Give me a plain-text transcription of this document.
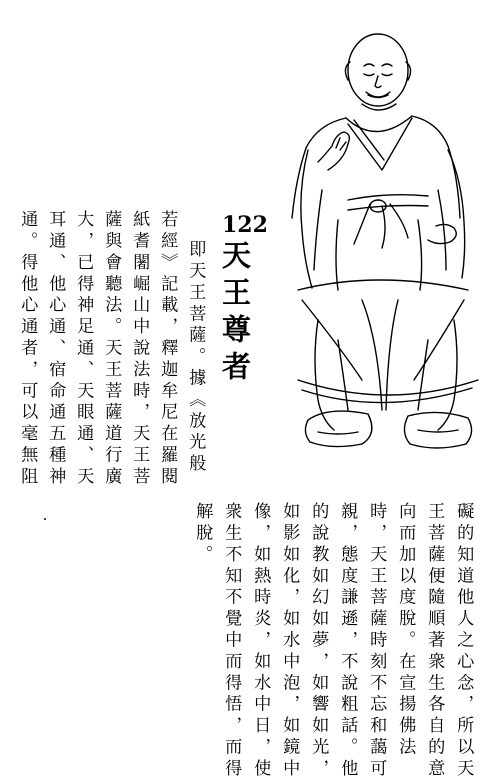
122
天王尊者
即天王菩薩。據《放光般
若經》記載，釋迦牟尼在羅閱
紙耆闍崛山中說法時，天王菩
薩與會聽法。天王菩薩道行廣
大，已得神足通、天眼通、天
耳通、他心通、宿命通五種神
通。得他心通者，可以毫無阻
礙的知道他人之心念，所以天
王菩薩便隨順著衆生各自的意
向而加以度脫。在宣揚佛法
時，天王菩薩時刻不忘和藹可
親，態度謙遜，不說粗話。他
的說教如幻如夢，如響如光，
如影如化，如水中泡，如鏡中
像，如熱時炎，如水中日，使
衆生不知不覺中而得悟，而得
解脫。
